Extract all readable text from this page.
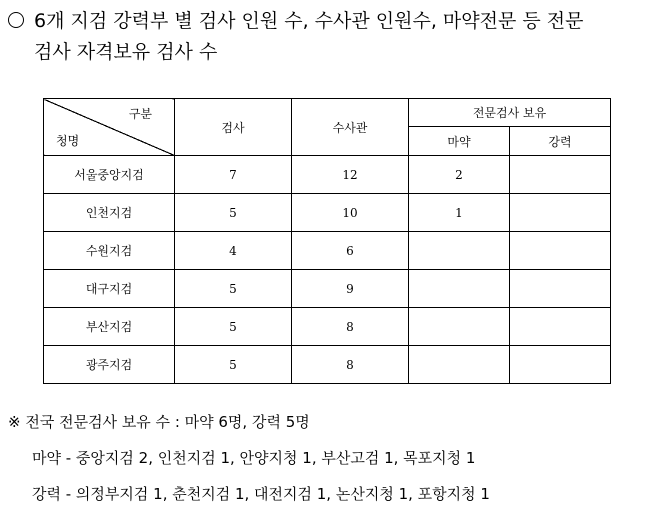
6개 지검 강력부 별 검사 인원 수, 수사관 인원수, 마약전문 등 전문
검사 자격보유 검사 수
구분
청명	검사	수사관	전문검사 보유	
			마약	강력
서울중앙지검	7	12	2	
인천지검	5	10	1	
수원지검	4	6		
대구지검	5	9		
부산지검	5	8		
광주지검	5	8		
※ 전국 전문검사 보유 수 : 마약 6명, 강력 5명
마약 - 중앙지검 2, 인천지검 1, 안양지청 1, 부산고검 1, 목포지청 1
강력 - 의정부지검 1, 춘천지검 1, 대전지검 1, 논산지청 1, 포항지청 1
